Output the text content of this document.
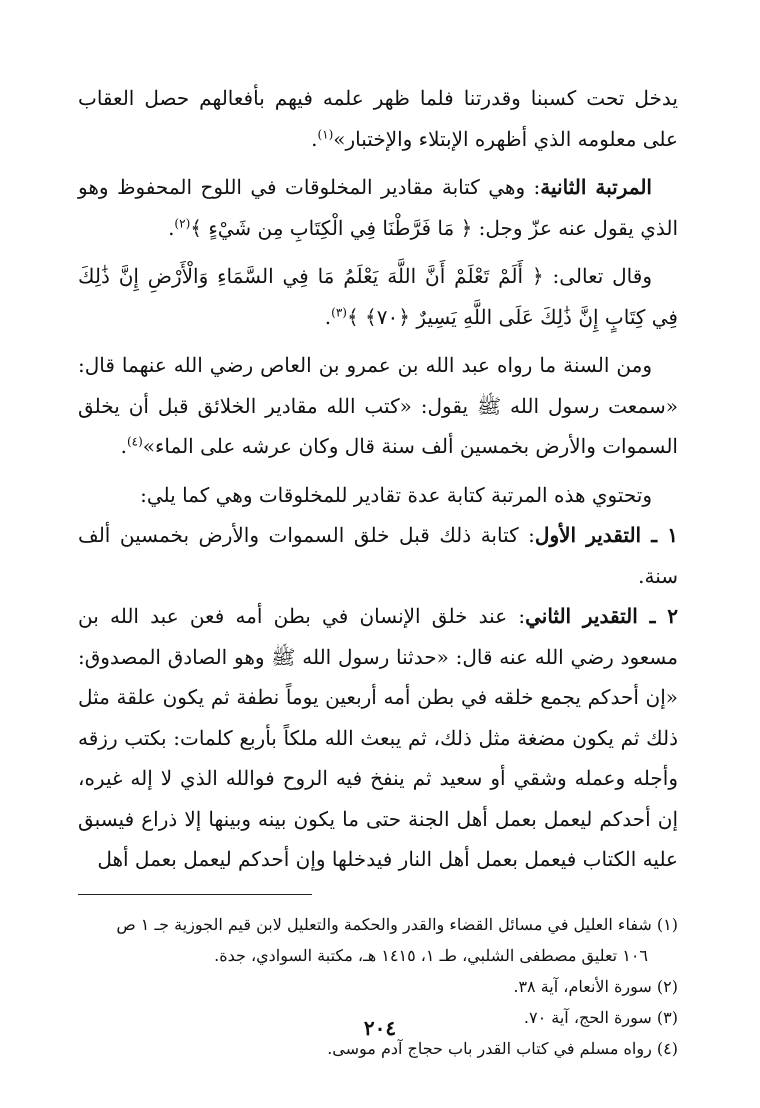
يدخل تحت كسبنا وقدرتنا فلما ظهر علمه فيهم بأفعالهم حصل العقاب على معلومه الذي أظهره الإبتلاء والإختبار»$^{(١)}$.

المرتبة الثانية: وهي كتابة مقادير المخلوقات في اللوح المحفوظ وهو الذي يقول عنه عزّ وجل: ﴿ مَا فَرَّطْنَا فِي الْكِتَابِ مِن شَيْءٍ ﴾$^{(٢)}$.

وقال تعالى: ﴿ أَلَمْ تَعْلَمْ أَنَّ اللَّهَ يَعْلَمُ مَا فِي السَّمَاءِ وَالْأَرْضِ إِنَّ ذَٰلِكَ فِي كِتَابٍ إِنَّ ذَٰلِكَ عَلَى اللَّهِ يَسِيرٌ ﴿٧٠﴾ ﴾$^{(٣)}$.

ومن السنة ما رواه عبد الله بن عمرو بن العاص رضي الله عنهما قال: «سمعت رسول الله ﷺ يقول: «كتب الله مقادير الخلائق قبل أن يخلق السموات والأرض بخمسين ألف سنة قال وكان عرشه على الماء»$^{(٤)}$.

وتحتوي هذه المرتبة كتابة عدة تقادير للمخلوقات وهي كما يلي:

١ ـ التقدير الأول: كتابة ذلك قبل خلق السموات والأرض بخمسين ألف سنة.

٢ ـ التقدير الثاني: عند خلق الإنسان في بطن أمه فعن عبد الله بن مسعود رضي الله عنه قال: «حدثنا رسول الله ﷺ وهو الصادق المصدوق: «إن أحدكم يجمع خلقه في بطن أمه أربعين يوماً نطفة ثم يكون علقة مثل ذلك ثم يكون مضغة مثل ذلك، ثم يبعث الله ملكاً بأربع كلمات: بكتب رزقه وأجله وعمله وشقي أو سعيد ثم ينفخ فيه الروح فوالله الذي لا إله غيره، إن أحدكم ليعمل بعمل أهل الجنة حتى ما يكون بينه وبينها إلا ذراع فيسبق عليه الكتاب فيعمل بعمل أهل النار فيدخلها وإن أحدكم ليعمل بعمل أهل

(١) شفاء العليل في مسائل القضاء والقدر والحكمة والتعليل لابن قيم الجوزية جـ ١ ص

١٠٦ تعليق مصطفى الشلبي، طـ ١، ١٤١٥ هـ، مكتبة السوادي، جدة.

(٢) سورة الأنعام، آية ٣٨.

(٣) سورة الحج، آية ٧٠.

(٤) رواه مسلم في كتاب القدر باب حجاج آدم موسى.

٢٠٤
